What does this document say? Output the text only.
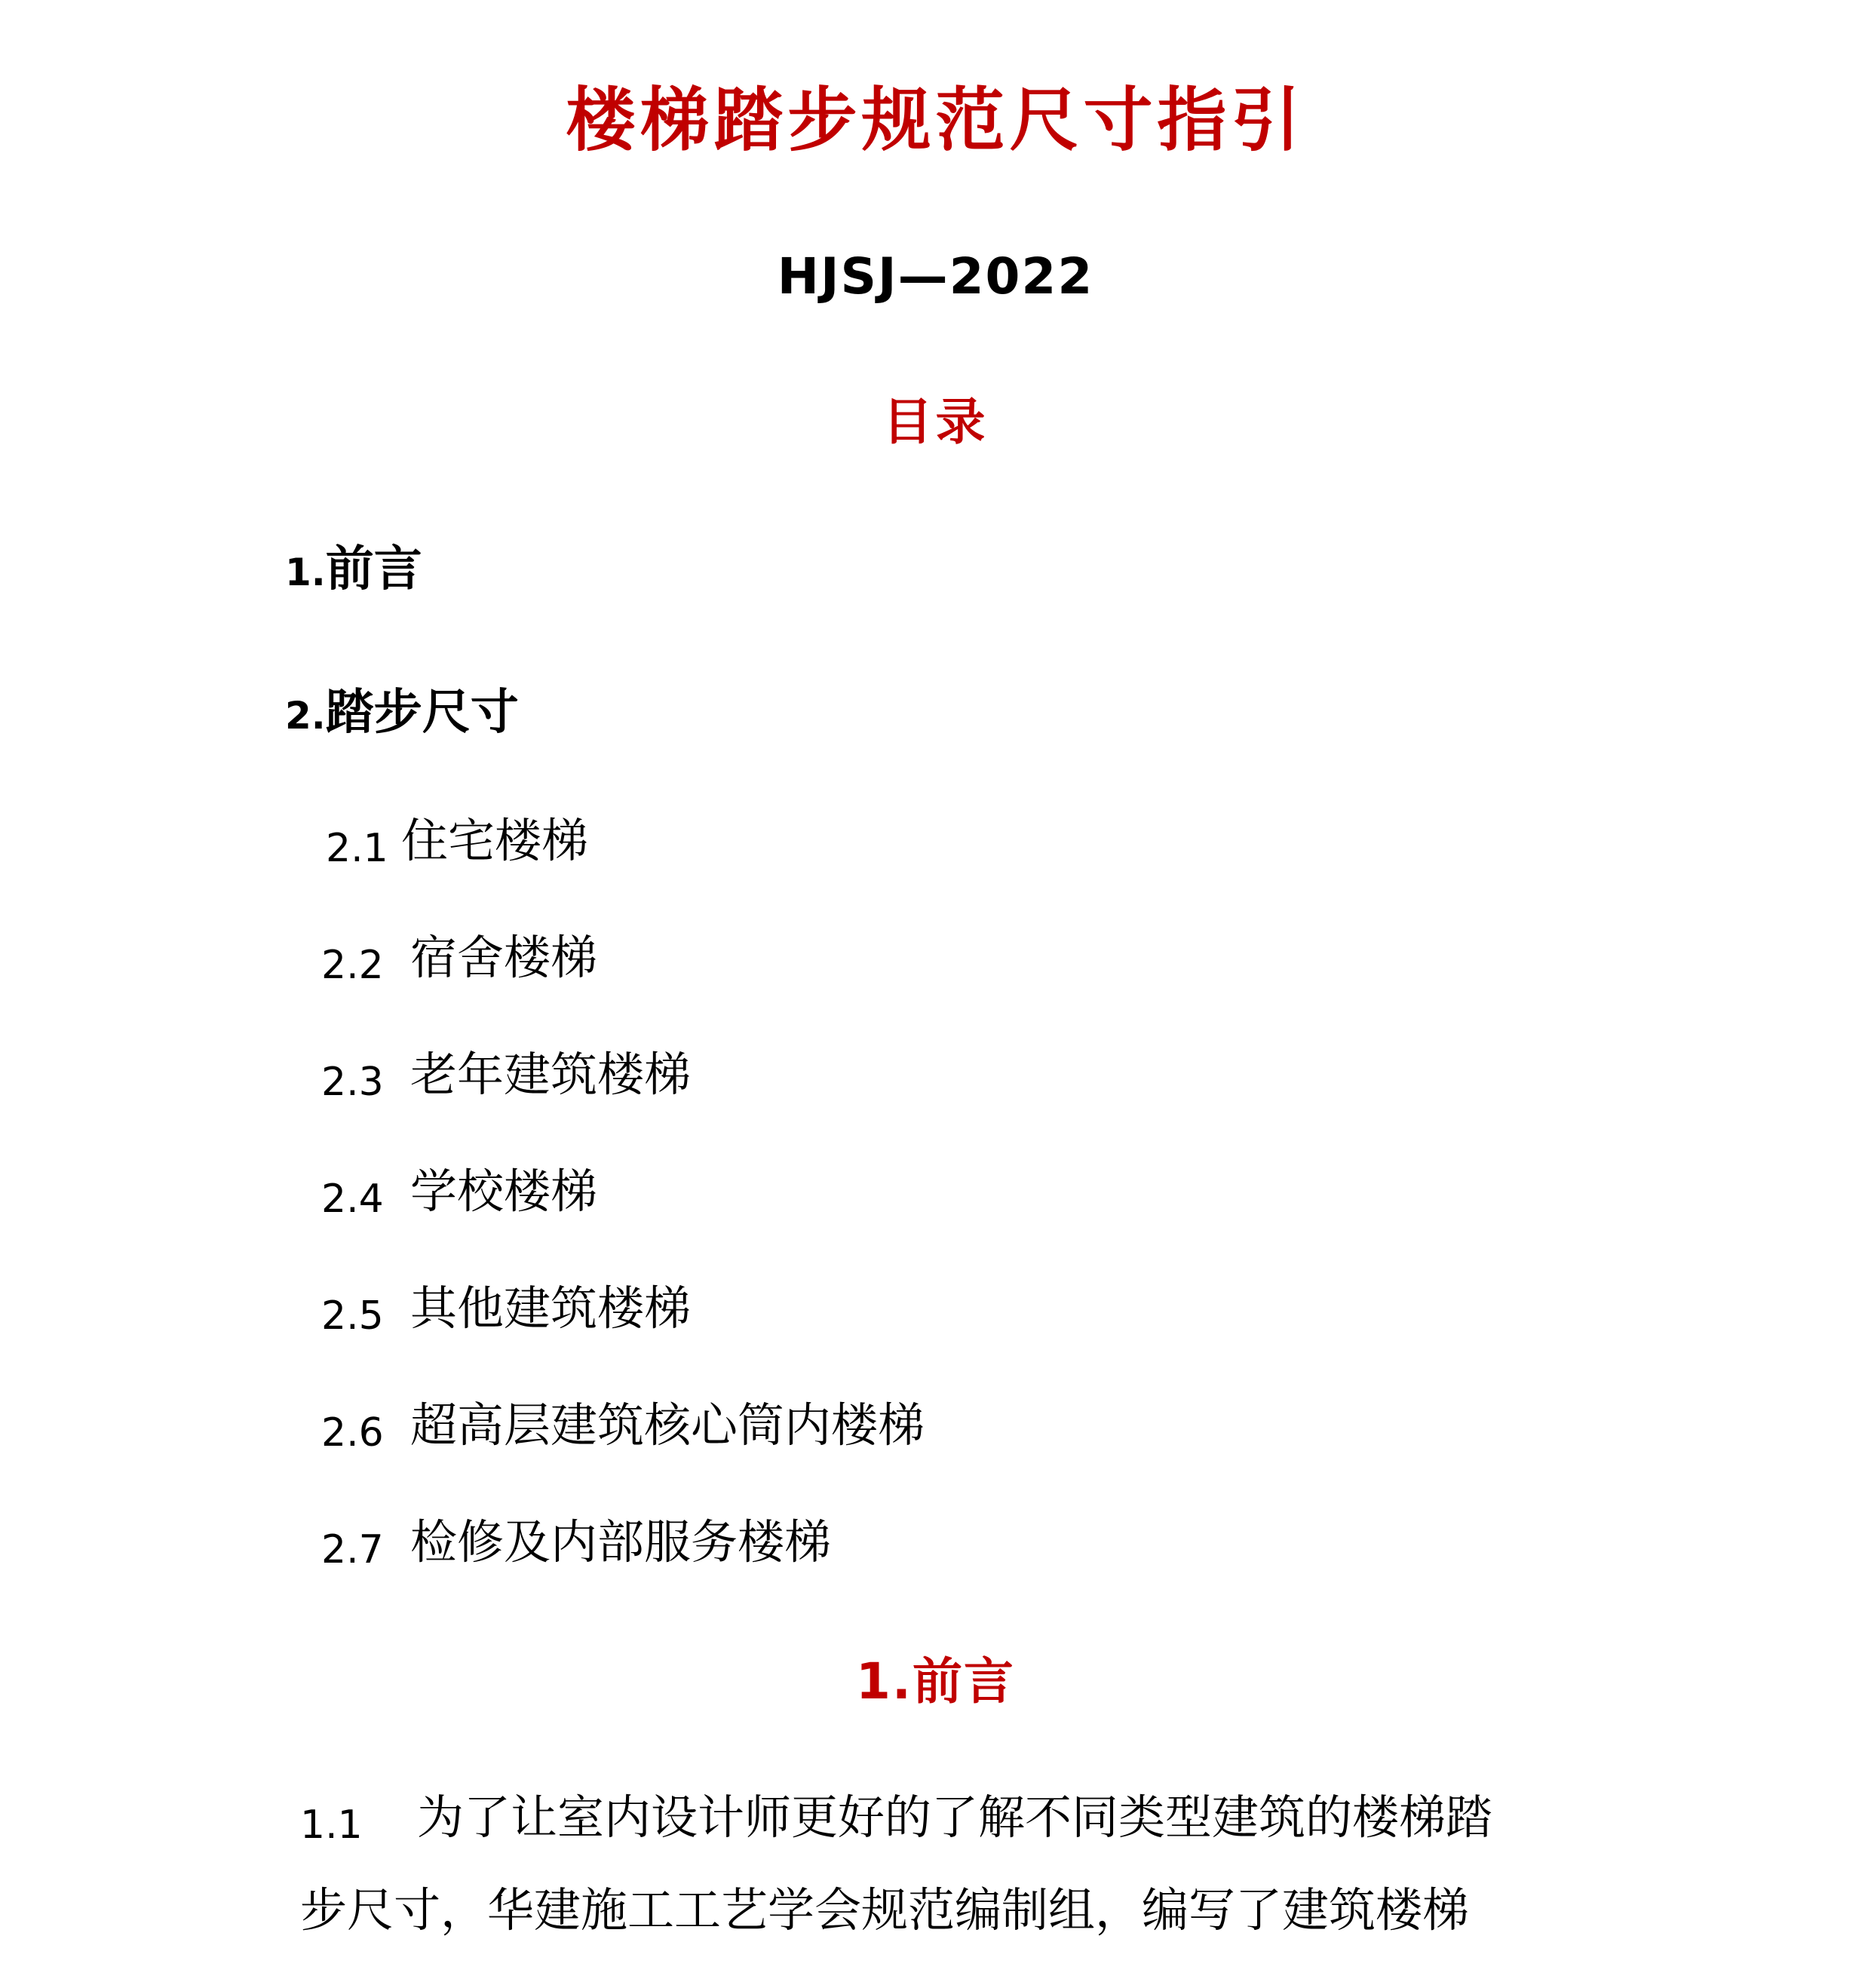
楼梯踏步规范尺寸指引
HJSJ—2022
目录
1.前言
2.踏步尺寸
2.1 住宅楼梯
2.2 宿舍楼梯
2.3 老年建筑楼梯
2.4 学校楼梯
2.5 其他建筑楼梯
2.6 超高层建筑核心筒内楼梯
2.7 检修及内部服务楼梯
1.前言
1.1 为了让室内设计师更好的了解不同类型建筑的楼梯踏
步尺寸，华建施工工艺学会规范编制组，编写了建筑楼梯
